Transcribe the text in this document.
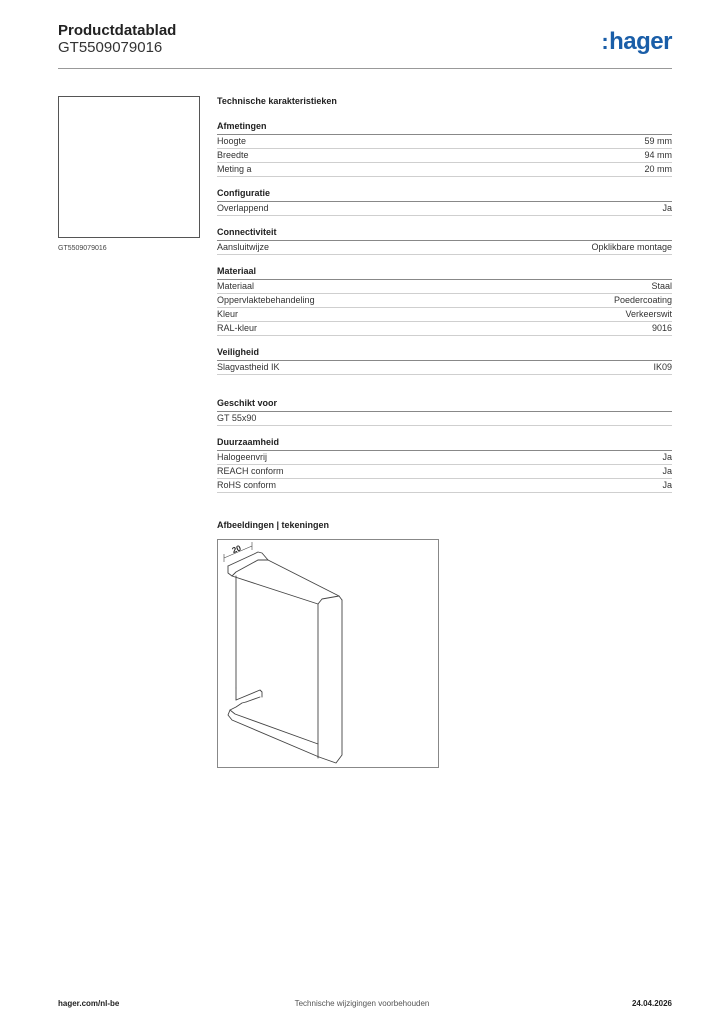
Productdatablad
GT5509079016	:hager
GT5509079016
Technische karakteristieken
Afmetingen
Hoogte	59 mm
Breedte	94 mm
Meting a	20 mm
Configuratie
Overlappend	Ja
Connectiviteit
Aansluitwijze	Opklikbare montage
Materiaal
Materiaal	Staal
Oppervlaktebehandeling	Poedercoating
Kleur	Verkeerswit
RAL-kleur	9016
Veiligheid
Slagvastheid IK	IK09
Geschikt voor
GT 55x90
Duurzaamheid
Halogeenvrij	Ja
REACH conform	Ja
RoHS conform	Ja
Afbeeldingen | tekeningen
20
hager.com/nl-be	Technische wijzigingen voorbehouden	24.04.2026
